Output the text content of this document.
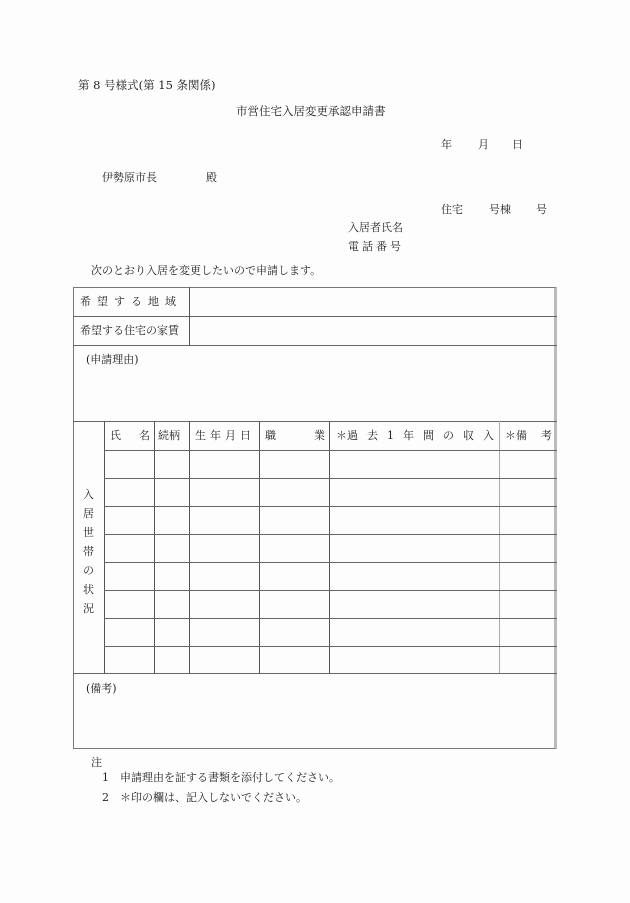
第 8 号様式(第 15 条関係)
市営住宅入居変更承認申請書
年 月 日
伊勢原市長	殿
住宅 号棟 号
入居者氏名
電話番号
次のとおり入居を変更したいので申請します。
希望する地域
希望する住宅の家賃
(申請理由)
入
居
世
帯
の
状
況
氏 名 続柄 生年月日 職	業 ＊過 去 1 年 間 の 収 入 ＊備 考
(備考)
注
1 申請理由を証する書類を添付してください。
2 ＊印の欄は、記入しないでください。
